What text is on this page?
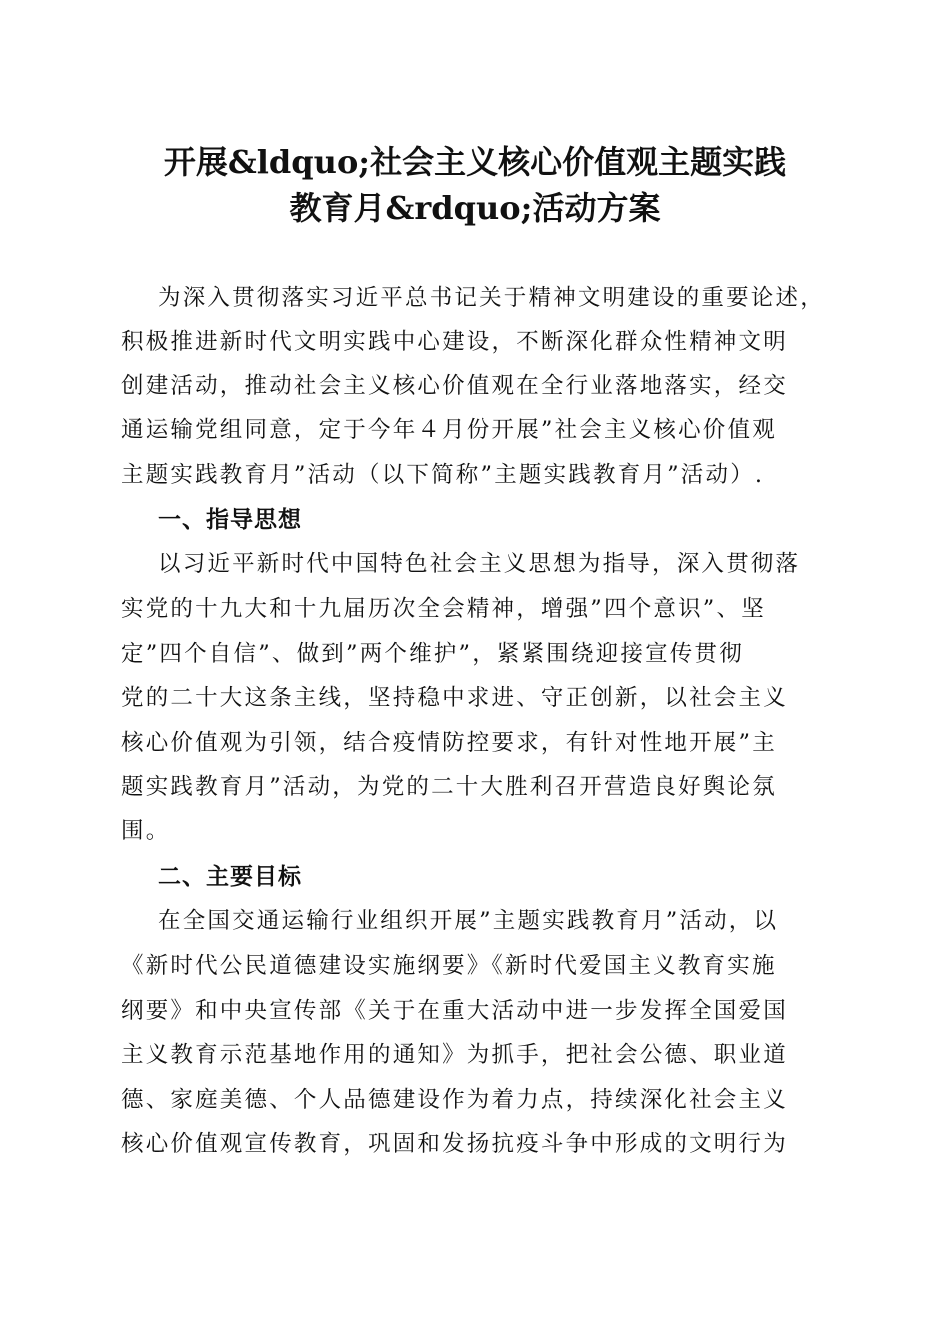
开展&ldquo;社会主义核心价值观主题实践
教育月&rdquo;活动方案

为深入贯彻落实习近平总书记关于精神文明建设的重要论述，

积极推进新时代文明实践中心建设，不断深化群众性精神文明

创建活动，推动社会主义核心价值观在全行业落地落实，经交

通运输党组同意，定于今年４月份开展”社会主义核心价值观

主题实践教育月”活动（以下简称”主题实践教育月”活动）.

一、指导思想

以习近平新时代中国特色社会主义思想为指导，深入贯彻落

实党的十九大和十九届历次全会精神，增强”四个意识”、坚

定”四个自信”、做到”两个维护”，紧紧围绕迎接宣传贯彻

党的二十大这条主线，坚持稳中求进、守正创新，以社会主义

核心价值观为引领，结合疫情防控要求，有针对性地开展”主

题实践教育月”活动，为党的二十大胜利召开营造良好舆论氛

围。

二、主要目标

在全国交通运输行业组织开展”主题实践教育月”活动，以

《新时代公民道德建设实施纲要》《新时代爱国主义教育实施

纲要》和中央宣传部《关于在重大活动中进一步发挥全国爱国

主义教育示范基地作用的通知》为抓手，把社会公德、职业道

德、家庭美德、个人品德建设作为着力点，持续深化社会主义

核心价值观宣传教育，巩固和发扬抗疫斗争中形成的文明行为
